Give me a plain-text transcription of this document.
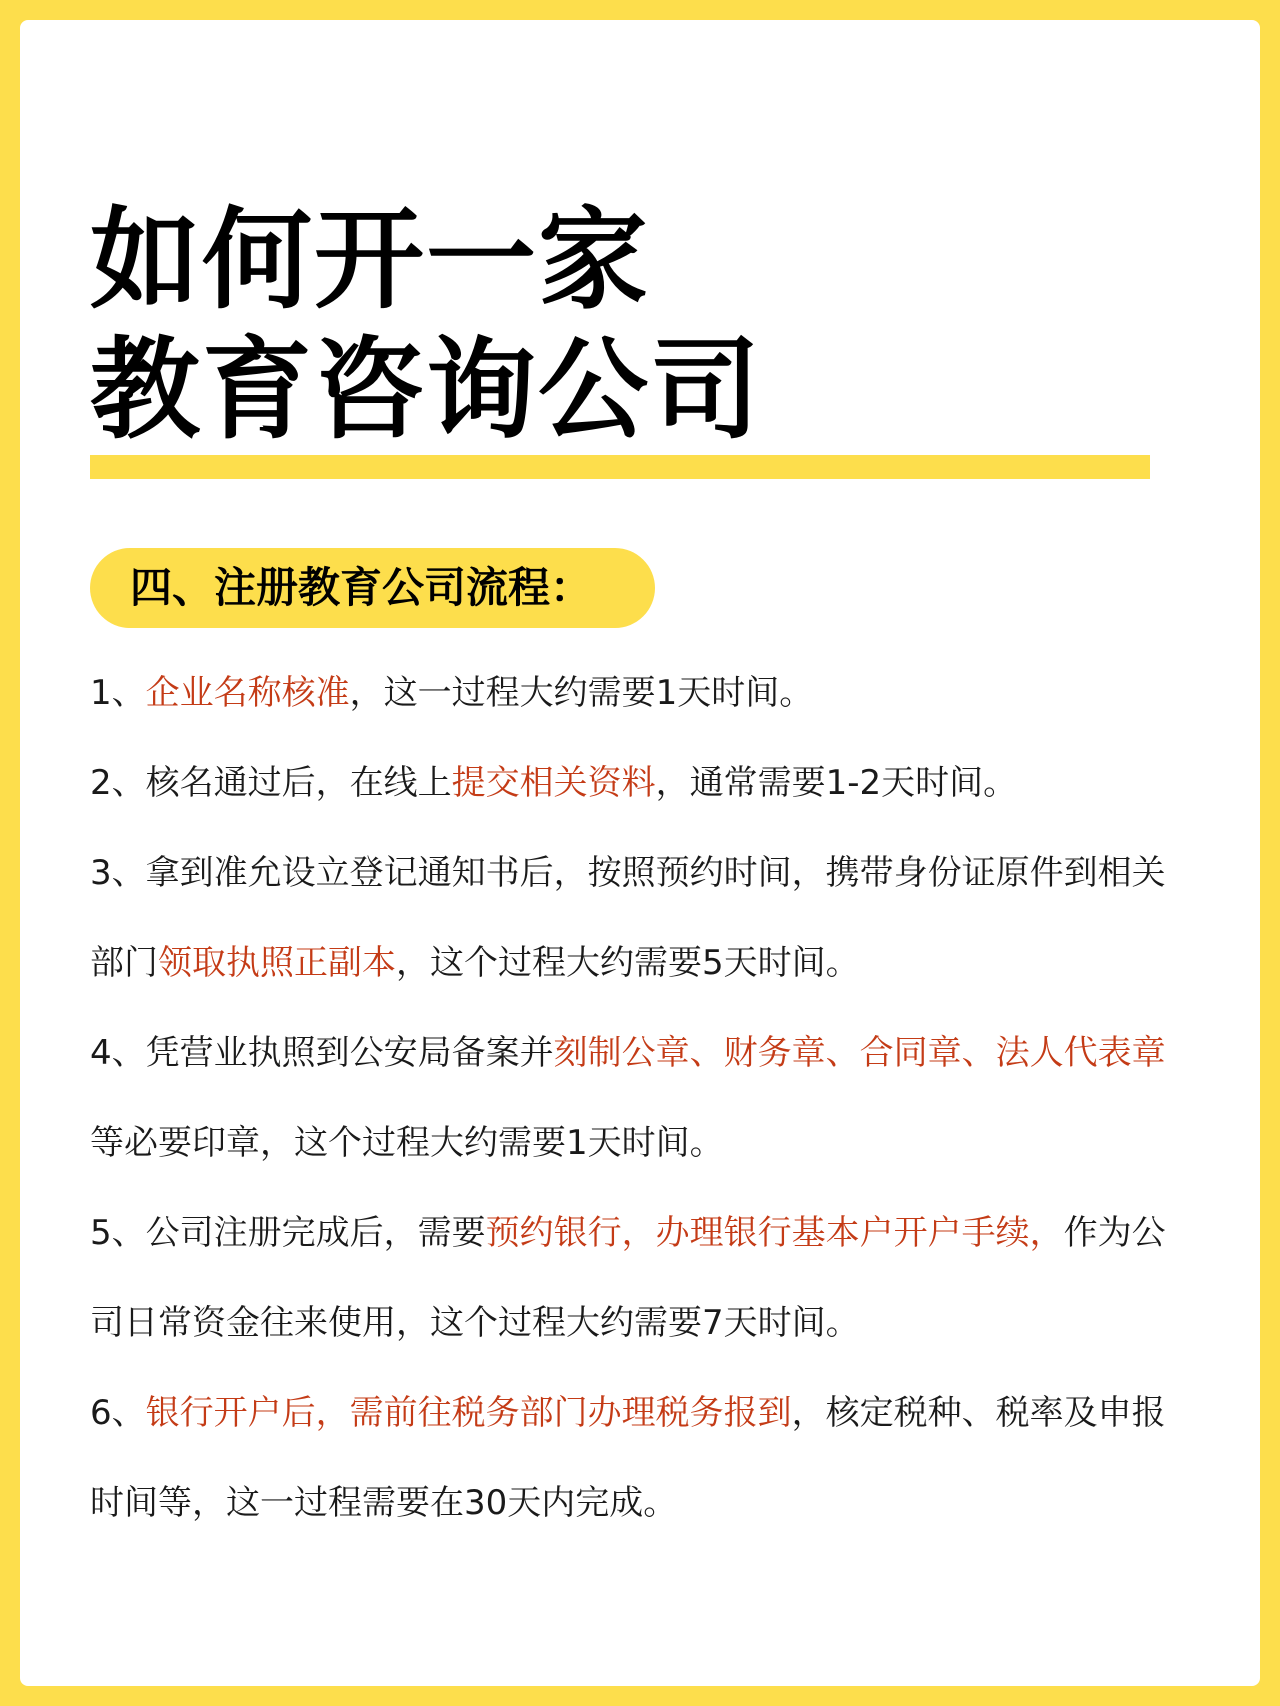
如何开一家
教育咨询公司
四、注册教育公司流程：
1、企业名称核准，这一过程大约需要1天时间。
2、核名通过后，在线上提交相关资料，通常需要1-2天时间。
3、拿到准允设立登记通知书后，按照预约时间，携带身份证原件到相关部门领取执照正副本，这个过程大约需要5天时间。
4、凭营业执照到公安局备案并刻制公章、财务章、合同章、法人代表章等必要印章，这个过程大约需要1天时间。
5、公司注册完成后，需要预约银行，办理银行基本户开户手续，作为公司日常资金往来使用，这个过程大约需要7天时间。
6、银行开户后，需前往税务部门办理税务报到，核定税种、税率及申报时间等，这一过程需要在30天内完成。
